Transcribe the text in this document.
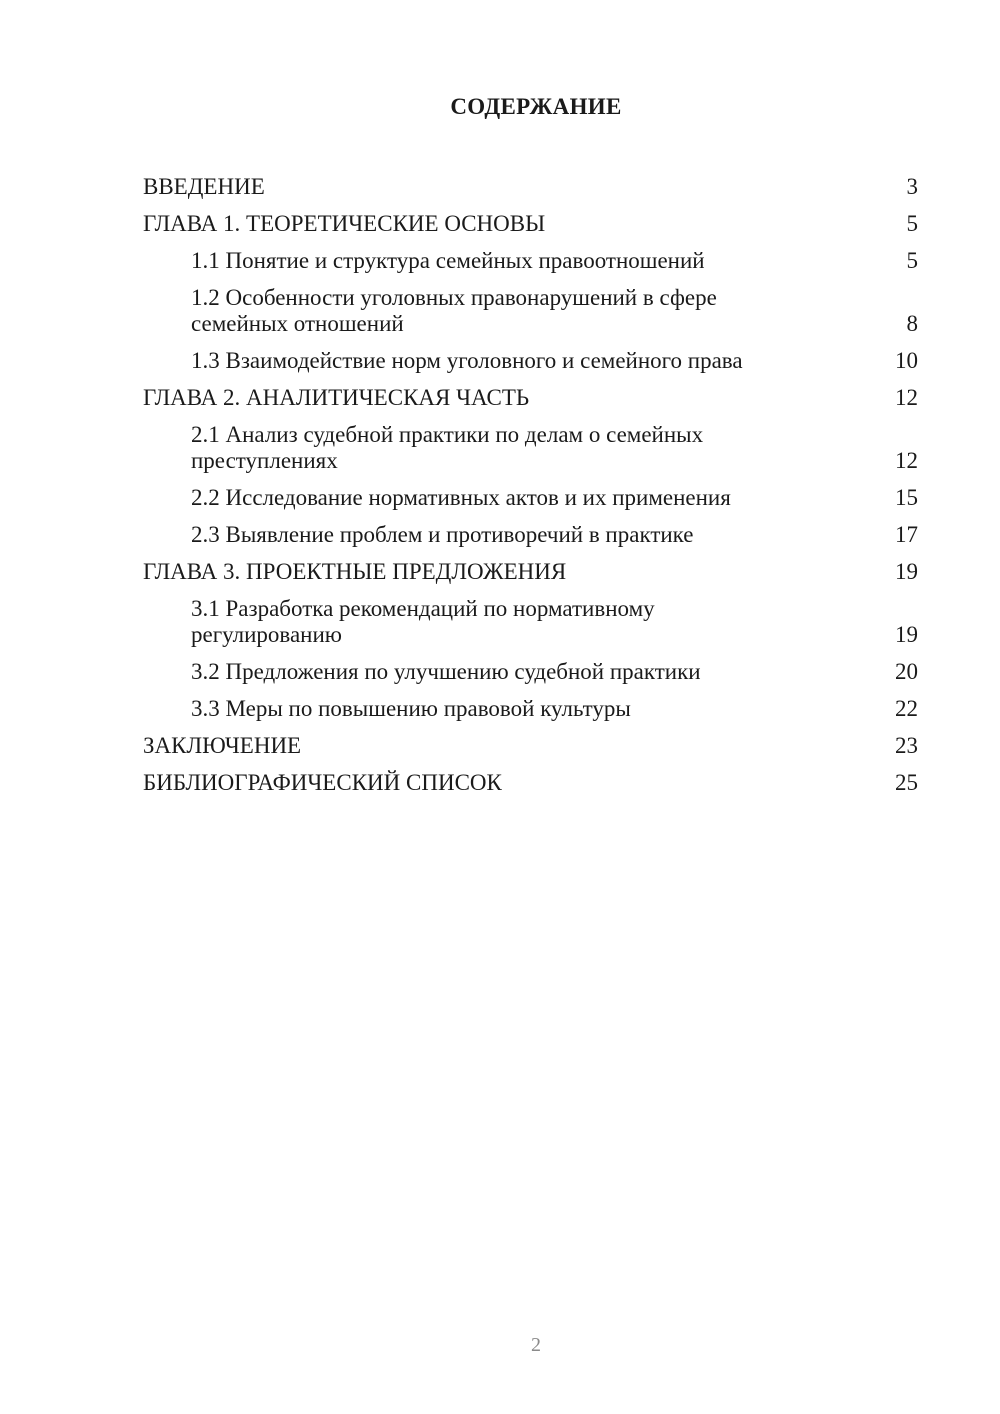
СОДЕРЖАНИЕ
ВВЕДЕНИЕ	3
ГЛАВА 1. ТЕОРЕТИЧЕСКИЕ ОСНОВЫ	5
1.1 Понятие и структура семейных правоотношений	5
1.2 Особенности уголовных правонарушений в сфере семейных отношений	8
1.3 Взаимодействие норм уголовного и семейного права	10
ГЛАВА 2. АНАЛИТИЧЕСКАЯ ЧАСТЬ	12
2.1 Анализ судебной практики по делам о семейных преступлениях	12
2.2 Исследование нормативных актов и их применения	15
2.3 Выявление проблем и противоречий в практике	17
ГЛАВА 3. ПРОЕКТНЫЕ ПРЕДЛОЖЕНИЯ	19
3.1 Разработка рекомендаций по нормативному регулированию	19
3.2 Предложения по улучшению судебной практики	20
3.3 Меры по повышению правовой культуры	22
ЗАКЛЮЧЕНИЕ	23
БИБЛИОГРАФИЧЕСКИЙ СПИСОК	25
2
